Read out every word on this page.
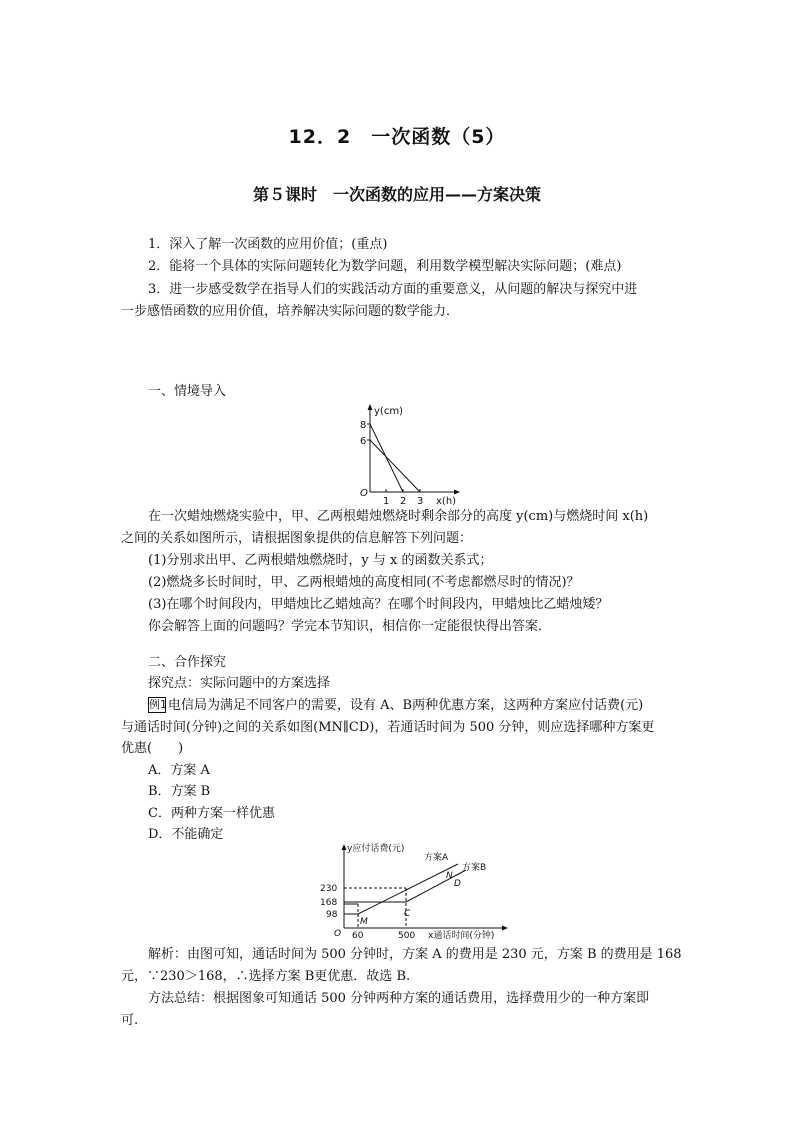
12．2　一次函数（5）
第５课时　一次函数的应用——方案决策
1．深入了解一次函数的应用价值；(重点)
2．能将一个具体的实际问题转化为数学问题，利用数学模型解决实际问题；(难点)
3．进一步感受数学在指导人们的实践活动方面的重要意义，从问题的解决与探究中进
一步感悟函数的应用价值，培养解决实际问题的数学能力．
一、情境导入
y(cm)
8
6
O
1 2 3 x(h)
在一次蜡烛燃烧实验中，甲、乙两根蜡烛燃烧时剩余部分的高度 y(cm)与燃烧时间 x(h)
之间的关系如图所示，请根据图象提供的信息解答下列问题：
(1)分别求出甲、乙两根蜡烛燃烧时，y 与 x 的函数关系式；
(2)燃烧多长时间时，甲、乙两根蜡烛的高度相同(不考虑都燃尽时的情况)？
(3)在哪个时间段内，甲蜡烛比乙蜡烛高？在哪个时间段内，甲蜡烛比乙蜡烛矮？
你会解答上面的问题吗？学完本节知识，相信你一定能很快得出答案．
二、合作探究
探究点：实际问题中的方案选择
例1电信局为满足不同客户的需要，设有 A、B两种优惠方案，这两种方案应付话费(元)
与通话时间(分钟)之间的关系如图(MN∥CD)，若通话时间为 500 分钟，则应选择哪种方案更
优惠(　　)
A．方案 A
B．方案 B
C．两种方案一样优惠
D．不能确定
y应付话费(元)
230
168
98
O 60	500 x通话时间(分钟)
方案A
方案B
M
N
C
D
解析：由图可知，通话时间为 500 分钟时，方案 A 的费用是 230 元，方案 B 的费用是 168
元，∵230＞168，∴选择方案 B更优惠．故选 B.
方法总结：根据图象可知通话 500 分钟两种方案的通话费用，选择费用少的一种方案即
可.
